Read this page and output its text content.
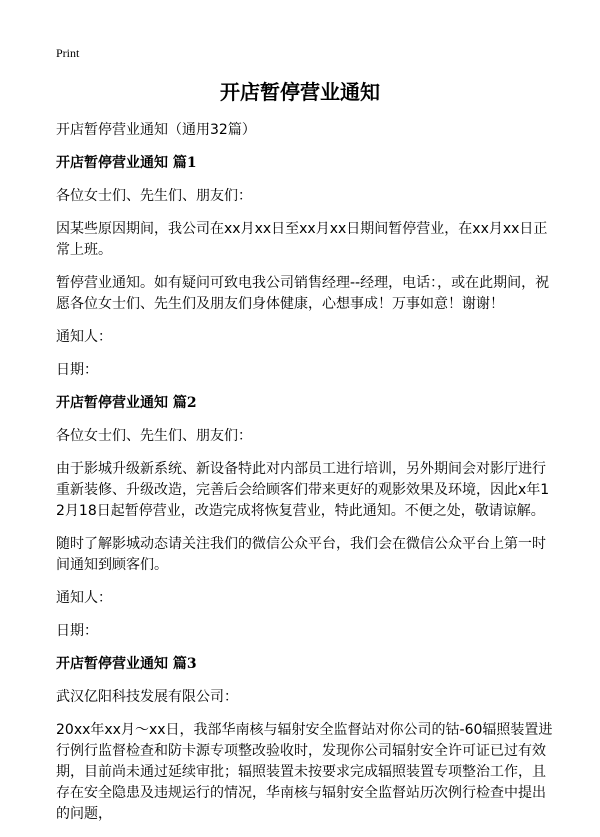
Print
开店暂停营业通知

开店暂停营业通知（通用32篇）

开店暂停营业通知 篇1

各位女士们、先生们、朋友们：

因某些原因期间，我公司在xx月xx日至xx月xx日期间暂停营业，在xx月xx日正常上班。

暂停营业通知。如有疑问可致电我公司销售经理--经理，电话：，或在此期间，祝愿各位女士们、先生们及朋友们身体健康，心想事成！万事如意！谢谢！

通知人：

日期：

开店暂停营业通知 篇2

各位女士们、先生们、朋友们：

由于影城升级新系统、新设备特此对内部员工进行培训，另外期间会对影厅进行重新装修、升级改造，完善后会给顾客们带来更好的观影效果及环境，因此x年12月18日起暂停营业，改造完成将恢复营业，特此通知。不便之处，敬请谅解。

随时了解影城动态请关注我们的微信公众平台，我们会在微信公众平台上第一时间通知到顾客们。

通知人：

日期：

开店暂停营业通知 篇3

武汉亿阳科技发展有限公司：

20xx年xx月～xx日，我部华南核与辐射安全监督站对你公司的钴-60辐照装置进行例行监督检查和防卡源专项整改验收时，发现你公司辐射安全许可证已过有效期，目前尚未通过延续审批；辐照装置未按要求完成辐照装置专项整治工作，且存在安全隐患及违规运行的情况，华南核与辐射安全监督站历次例行检查中提出的问题，
